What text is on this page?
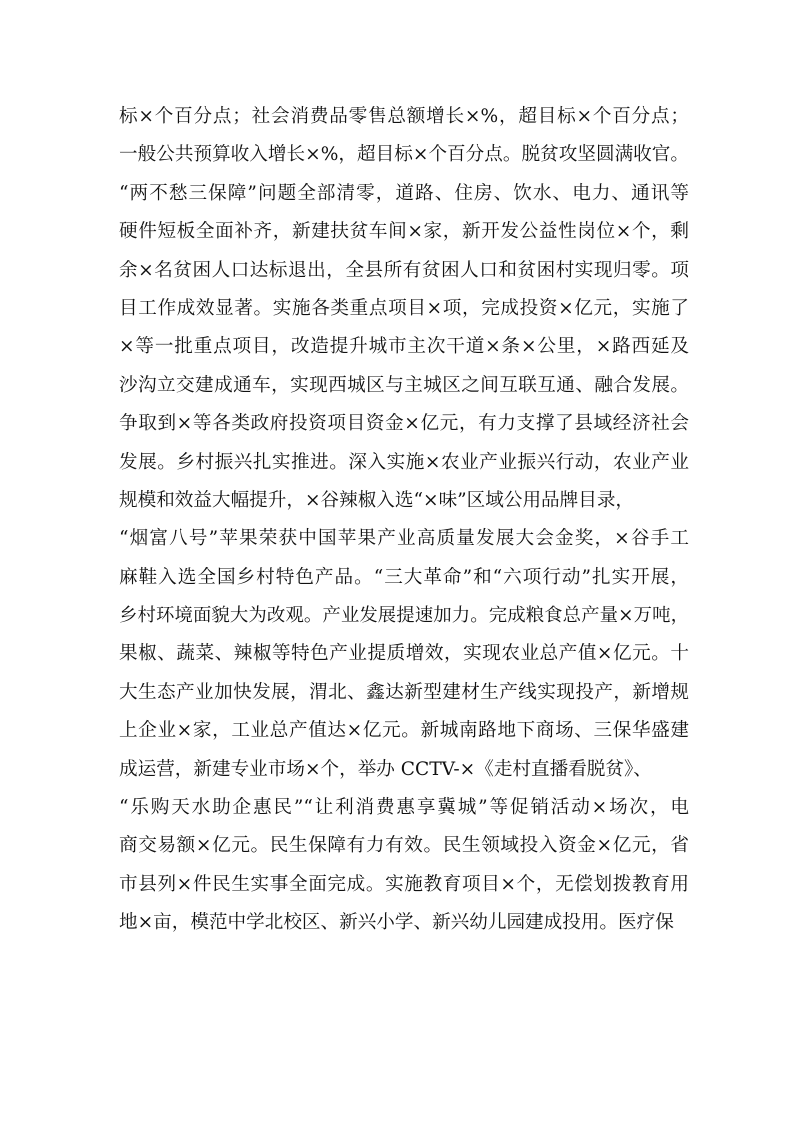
标×个百分点；社会消费品零售总额增长×%，超目标×个百分点；
一般公共预算收入增长×%，超目标×个百分点。脱贫攻坚圆满收官。
“两不愁三保障”问题全部清零，道路、住房、饮水、电力、通讯等
硬件短板全面补齐，新建扶贫车间×家，新开发公益性岗位×个，剩
余×名贫困人口达标退出，全县所有贫困人口和贫困村实现归零。项
目工作成效显著。实施各类重点项目×项，完成投资×亿元，实施了
×等一批重点项目，改造提升城市主次干道×条×公里，×路西延及
沙沟立交建成通车，实现西城区与主城区之间互联互通、融合发展。
争取到×等各类政府投资项目资金×亿元，有力支撑了县域经济社会
发展。乡村振兴扎实推进。深入实施×农业产业振兴行动，农业产业
规模和效益大幅提升，×谷辣椒入选“×味”区域公用品牌目录，
“烟富八号”苹果荣获中国苹果产业高质量发展大会金奖，×谷手工
麻鞋入选全国乡村特色产品。“三大革命”和“六项行动”扎实开展，
乡村环境面貌大为改观。产业发展提速加力。完成粮食总产量×万吨，
果椒、蔬菜、辣椒等特色产业提质增效，实现农业总产值×亿元。十
大生态产业加快发展，渭北、鑫达新型建材生产线实现投产，新增规
上企业×家，工业总产值达×亿元。新城南路地下商场、三保华盛建
成运营，新建专业市场×个，举办 CCTV-×《走村直播看脱贫》、
“乐购天水助企惠民”“让利消费惠享冀城”等促销活动×场次，电
商交易额×亿元。民生保障有力有效。民生领域投入资金×亿元，省
市县列×件民生实事全面完成。实施教育项目×个，无偿划拨教育用
地×亩，模范中学北校区、新兴小学、新兴幼儿园建成投用。医疗保
